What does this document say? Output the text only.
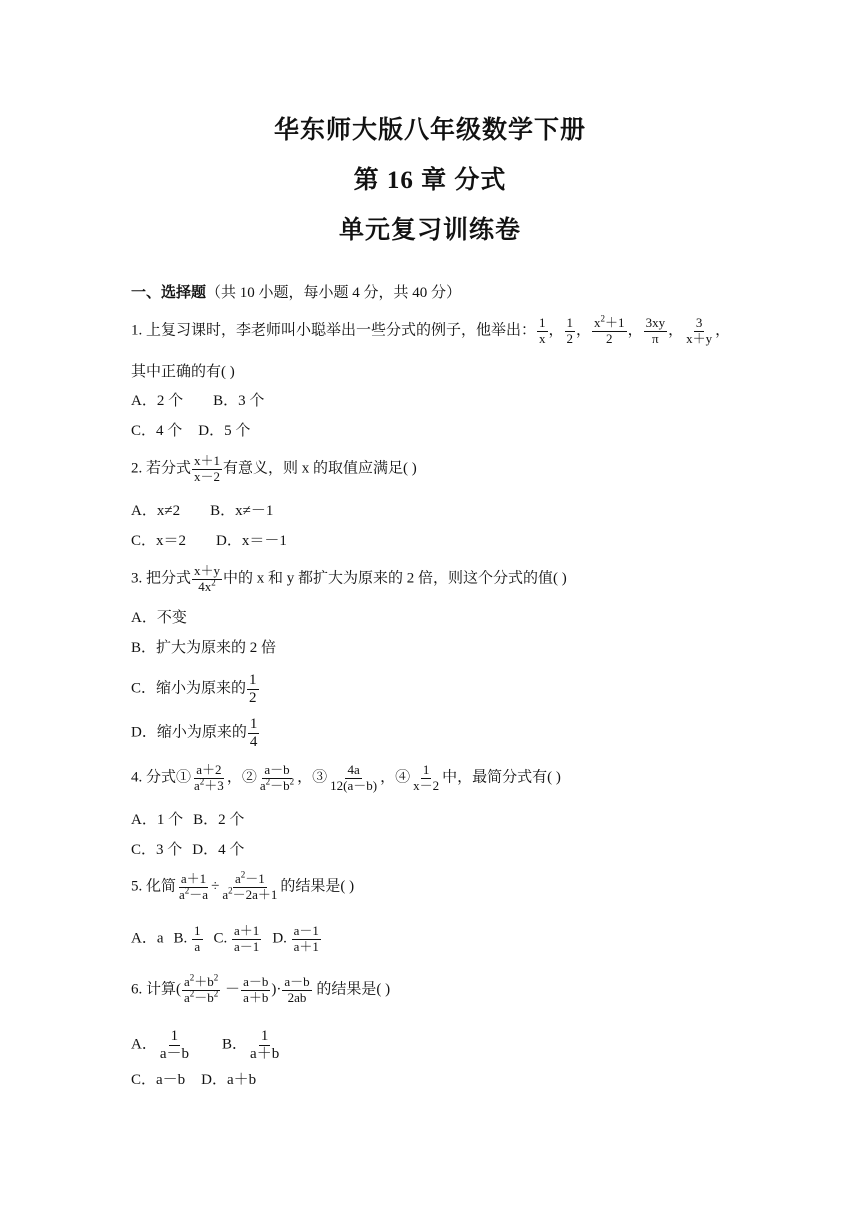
华东师大版八年级数学下册
第 16 章 分式
单元复习训练卷
一、选择题（共 10 小题，每小题 4 分，共 40 分）
1. 上复习课时，李老师叫小聪举出一些分式的例子，他举出： $\frac{1}{x}$ ， $\frac{1}{2}$ ， $\frac{x^2+1}{2}$ ， $\frac{3xy}{\pi}$ ， $\frac{3}{x+y}$ ，
其中正确的有( )
A．2 个 B．3 个
C．4 个 D．5 个
2. 若分式 $\frac{x+1}{x-2}$ 有意义，则 x 的取值应满足( )
A．x≠2 B．x≠－1
C．x＝2 D．x＝－1
3. 把分式 $\frac{x+y}{4x^2}$ 中的 x 和 y 都扩大为原来的 2 倍，则这个分式的值( )
A．不变
B．扩大为原来的 2 倍
C．缩小为原来的 $\frac{1}{2}$
D．缩小为原来的 $\frac{1}{4}$
4. 分式① $\frac{a+2}{a^2+3}$ ，② $\frac{a-b}{a^2-b^2}$ ，③ $\frac{4a}{12(a-b)}$ ，④ $\frac{1}{x-2}$ 中，最简分式有( )
A．1 个 B．2 个
C．3 个 D．4 个
5. 化简 $\frac{a+1}{a^2-a} \div \frac{a^2-1}{a^2-2a+1}$ 的结果是( )
A．a B. $\frac{1}{a} C$. $\frac{a+1}{a-1} D$. $\frac{a-1}{a+1}$
6. 计算( $\frac{a^2+b^2}{a^2-b^2} - \frac{a-b}{a+b}$ )· $\frac{a-b}{2ab}$ 的结果是( )
A． $\frac{1}{a-b}$ B． $\frac{1}{a+b}$
C．a－b D．a＋b
